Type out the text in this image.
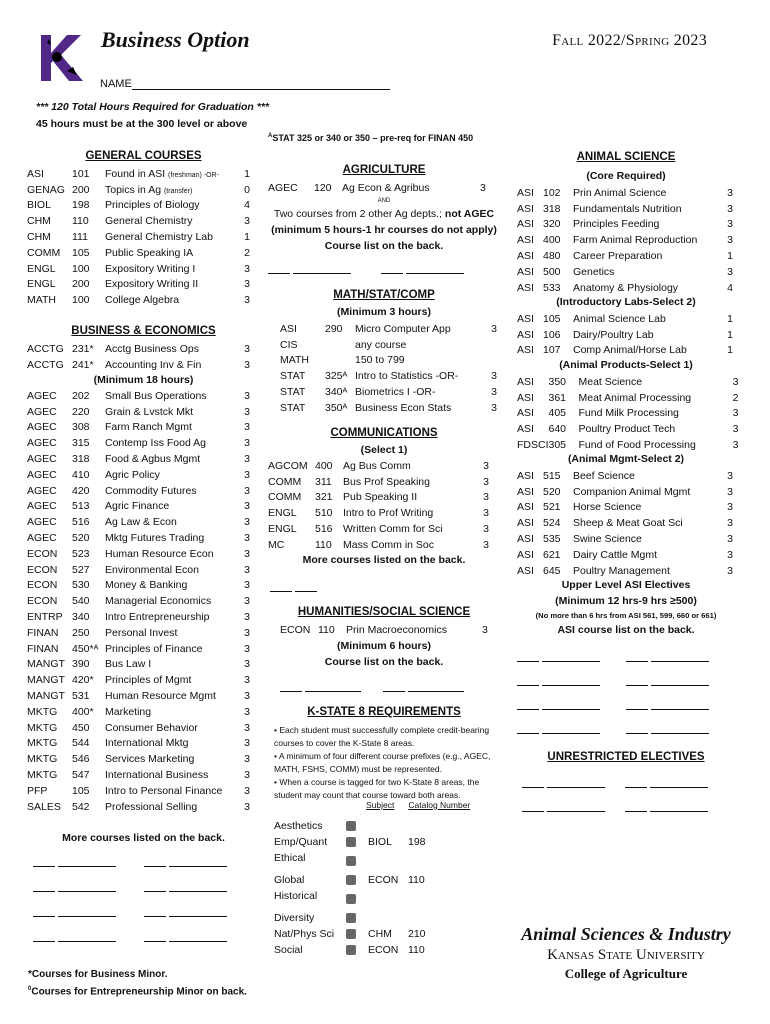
Business Option	Fall 2022/Spring 2023
NAME
*** 120 Total Hours Required for Graduation ***
45 hours must be at the 300 level or above
$^A$STAT 325 or 340 or 350 – pre-req for FINAN 450
GENERAL COURSES
ASI	101	Found in ASI (freshman) -OR-	1
GENAG	200	Topics in Ag (transfer)	0
BIOL	198	Principles of Biology	4
CHM	110	General Chemistry	3
CHM	111	General Chemistry Lab	1
COMM	105	Public Speaking IA	2
ENGL	100	Expository Writing I	3
ENGL	200	Expository Writing II	3
MATH	100	College Algebra	3
BUSINESS & ECONOMICS
ACCTG	231*	Acctg Business Ops	3
ACCTG	241*	Accounting Inv & Fin	3
(Minimum 18 hours)
AGEC	202	Small Bus Operations	3
AGEC	220	Grain & Lvstck Mkt	3
AGEC	308	Farm Ranch Mgmt	3
AGEC	315	Contemp Iss Food Ag	3
AGEC	318	Food & Agbus Mgmt	3
AGEC	410	Agric Policy	3
AGEC	420	Commodity Futures	3
AGEC	513	Agric Finance	3
AGEC	516	Ag Law & Econ	3
AGEC	520	Mktg Futures Trading	3
ECON	523	Human Resource Econ	3
ECON	527	Environmental Econ	3
ECON	530	Money & Banking	3
ECON	540	Managerial Economics	3
ENTRP	340	Intro Entrepreneurship	3
FINAN	250	Personal Invest	3
FINAN	450*ᴬ	Principles of Finance	3
MANGT	390	Bus Law I	3
MANGT	420*	Principles of Mgmt	3
MANGT	531	Human Resource Mgmt	3
MKTG	400*	Marketing	3
MKTG	450	Consumer Behavior	3
MKTG	544	International Mktg	3
MKTG	546	Services Marketing	3
MKTG	547	International Business	3
PFP	105	Intro to Personal Finance	3
SALES	542	Professional Selling	3
More courses listed on the back.

*Courses for Business Minor.
$^0$Courses for Entrepreneurship Minor on back.
AGRICULTURE
AGEC 120 Ag Econ & Agribus	3
AND
Two courses from 2 other Ag depts.; not AGEC
(minimum 5 hours-1 hr courses do not apply)
Course list on the back.

MATH/STAT/COMP
(Minimum 3 hours)
ASI	290	Micro Computer App	3
CIS		any course	
MATH		150 to 799	
STAT	325ᴬ	Intro to Statistics -OR-	3
STAT	340ᴬ	Biometrics I -OR-	3
STAT	350ᴬ	Business Econ Stats	3
COMMUNICATIONS
(Select 1)
AGCOM	400	Ag Bus Comm	3
COMM	311	Bus Prof Speaking	3
COMM	321	Pub Speaking II	3
ENGL	510	Intro to Prof Writing	3
ENGL	516	Written Comm for Sci	3
MC	110	Mass Comm in Soc	3
More courses listed on the back.

HUMANITIES/SOCIAL SCIENCE
ECON 110 Prin Macroeconomics	3
(Minimum 6 hours)
Course list on the back.

K-STATE 8 REQUIREMENTS
• Each student must successfully complete credit-bearing courses to cover the K-State 8 areas.
• A minimum of four different course prefixes (e.g., AGEC, MATH, FSHS, COMM) must be represented.
• When a course is tagged for two K-State 8 areas, the student may count that course toward both areas.
Subject Catalog Number
Aesthetics			
Emp/Quant		BIOL	198
Ethical			
Global		ECON	110
Historical			
Diversity			
Nat/Phys Sci		CHM	210
Social		ECON	110
ANIMAL SCIENCE
(Core Required)
ASI	102	Prin Animal Science	3
ASI	318	Fundamentals Nutrition	3
ASI	320	Principles Feeding	3
ASI	400	Farm Animal Reproduction	3
ASI	480	Career Preparation	1
ASI	500	Genetics	3
ASI	533	Anatomy & Physiology	4
(Introductory Labs-Select 2)
ASI	105	Animal Science Lab	1
ASI	106	Dairy/Poultry Lab	1
ASI	107	Comp Animal/Horse Lab	1
(Animal Products-Select 1)
ASI	350	Meat Science	3
ASI	361	Meat Animal Processing	2
ASI	405	Fund Milk Processing	3
ASI	640	Poultry Product Tech	3
FDSCI	305	Fund of Food Processing	3
(Animal Mgmt-Select 2)
ASI	515	Beef Science	3
ASI	520	Companion Animal Mgmt	3
ASI	521	Horse Science	3
ASI	524	Sheep & Meat Goat Sci	3
ASI	535	Swine Science	3
ASI	621	Dairy Cattle Mgmt	3
ASI	645	Poultry Management	3
Upper Level ASI Electives
(Minimum 12 hrs-9 hrs ≥500)
(No more than 6 hrs from ASI 561, 599, 660 or 661)
ASI course list on the back.

UNRESTRICTED ELECTIVES

Animal Sciences & Industry
Kansas State University
College of Agriculture
